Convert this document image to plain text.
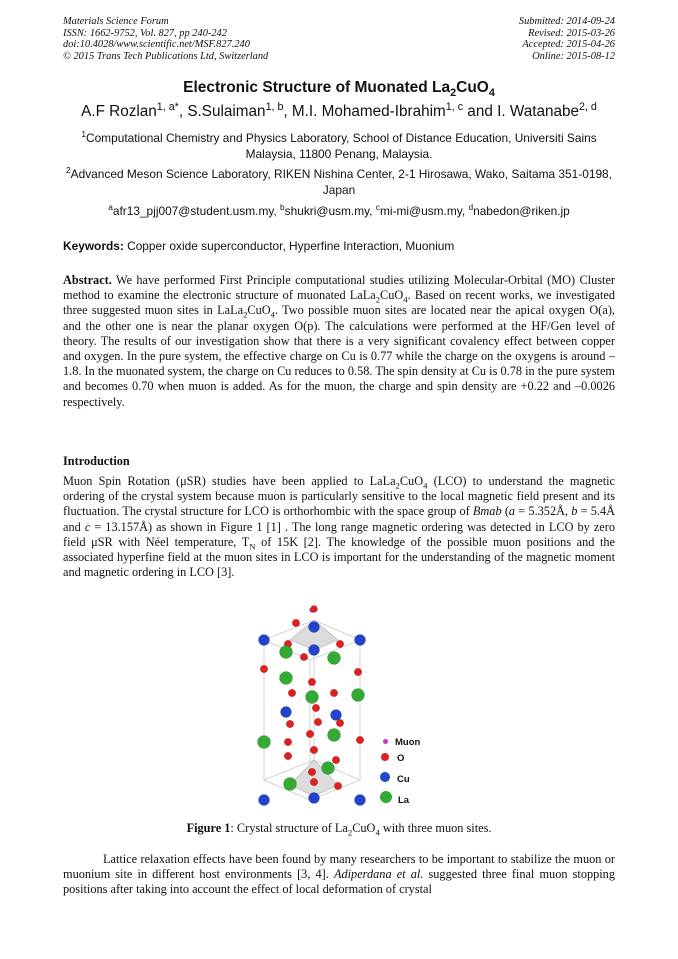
Materials Science Forum
ISSN: 1662-9752, Vol. 827, pp 240-242
doi:10.4028/www.scientific.net/MSF.827.240
© 2015 Trans Tech Publications Ltd, Switzerland
Submitted: 2014-09-24
Revised: 2015-03-26
Accepted: 2015-04-26
Online: 2015-08-12
Electronic Structure of Muonated $La_2CuO_4$
A.F Rozlan$^{1, a*}$, S.Sulaiman$^{1, b}$, M.I. Mohamed-Ibrahim$^{1, c}$ and I. Watanabe$^{2, d}$
$^1$Computational Chemistry and Physics Laboratory, School of Distance Education, Universiti Sains Malaysia, 11800 Penang, Malaysia.
$^2$Advanced Meson Science Laboratory, RIKEN Nishina Center, 2-1 Hirosawa, Wako, Saitama 351-0198, Japan
$^a$afr13_pjj007@student.usm.my, $^b$shukri@usm.my, $^c$mi-mi@usm.my, $^d$nabedon@riken.jp
Keywords: Copper oxide superconductor, Hyperfine Interaction, Muonium
Abstract. We have performed First Principle computational studies utilizing Molecular-Orbital (MO) Cluster method to examine the electronic structure of muonated LaLa$_2$CuO$_4$. Based on recent works, we investigated three suggested muon sites in LaLa$_2$CuO$_4$. Two possible muon sites are located near the apical oxygen O(a), and the other one is near the planar oxygen O(p). The calculations were performed at the HF/Gen level of theory. The results of our investigation show that there is a very significant covalency effect between copper and oxygen. In the pure system, the effective charge on Cu is 0.77 while the charge on the oxygens is around –1.8. In the muonated system, the charge on Cu reduces to 0.58. The spin density at Cu is 0.78 in the pure system and becomes 0.70 when muon is added. As for the muon, the charge and spin density are +0.22 and –0.0026 respectively.
Introduction
Muon Spin Rotation (μSR) studies have been applied to LaLa$_2$CuO$_4$ (LCO) to understand the magnetic ordering of the crystal system because muon is particularly sensitive to the local magnetic field present and its fluctuation. The crystal structure for LCO is orthorhombic with the space group of Bmab (a = 5.352Å, b = 5.4Å and c = 13.157Å) as shown in Figure 1 [1] . The long range magnetic ordering was detected in LCO by zero field μSR with Néel temperature, $T_N$ of 15K [2]. The knowledge of the possible muon positions and the associated hyperfine field at the muon sites in LCO is important for the understanding of the magnetic moment and magnetic ordering in LCO [3].
Muon
O
Cu
La
Figure 1: Crystal structure of $La_2CuO_4$ with three muon sites.
Lattice relaxation effects have been found by many researchers to be important to stabilize the muon or muonium site in different host environments [3, 4]. Adiperdana et al. suggested three final muon stopping positions after taking into account the effect of local deformation of crystal
